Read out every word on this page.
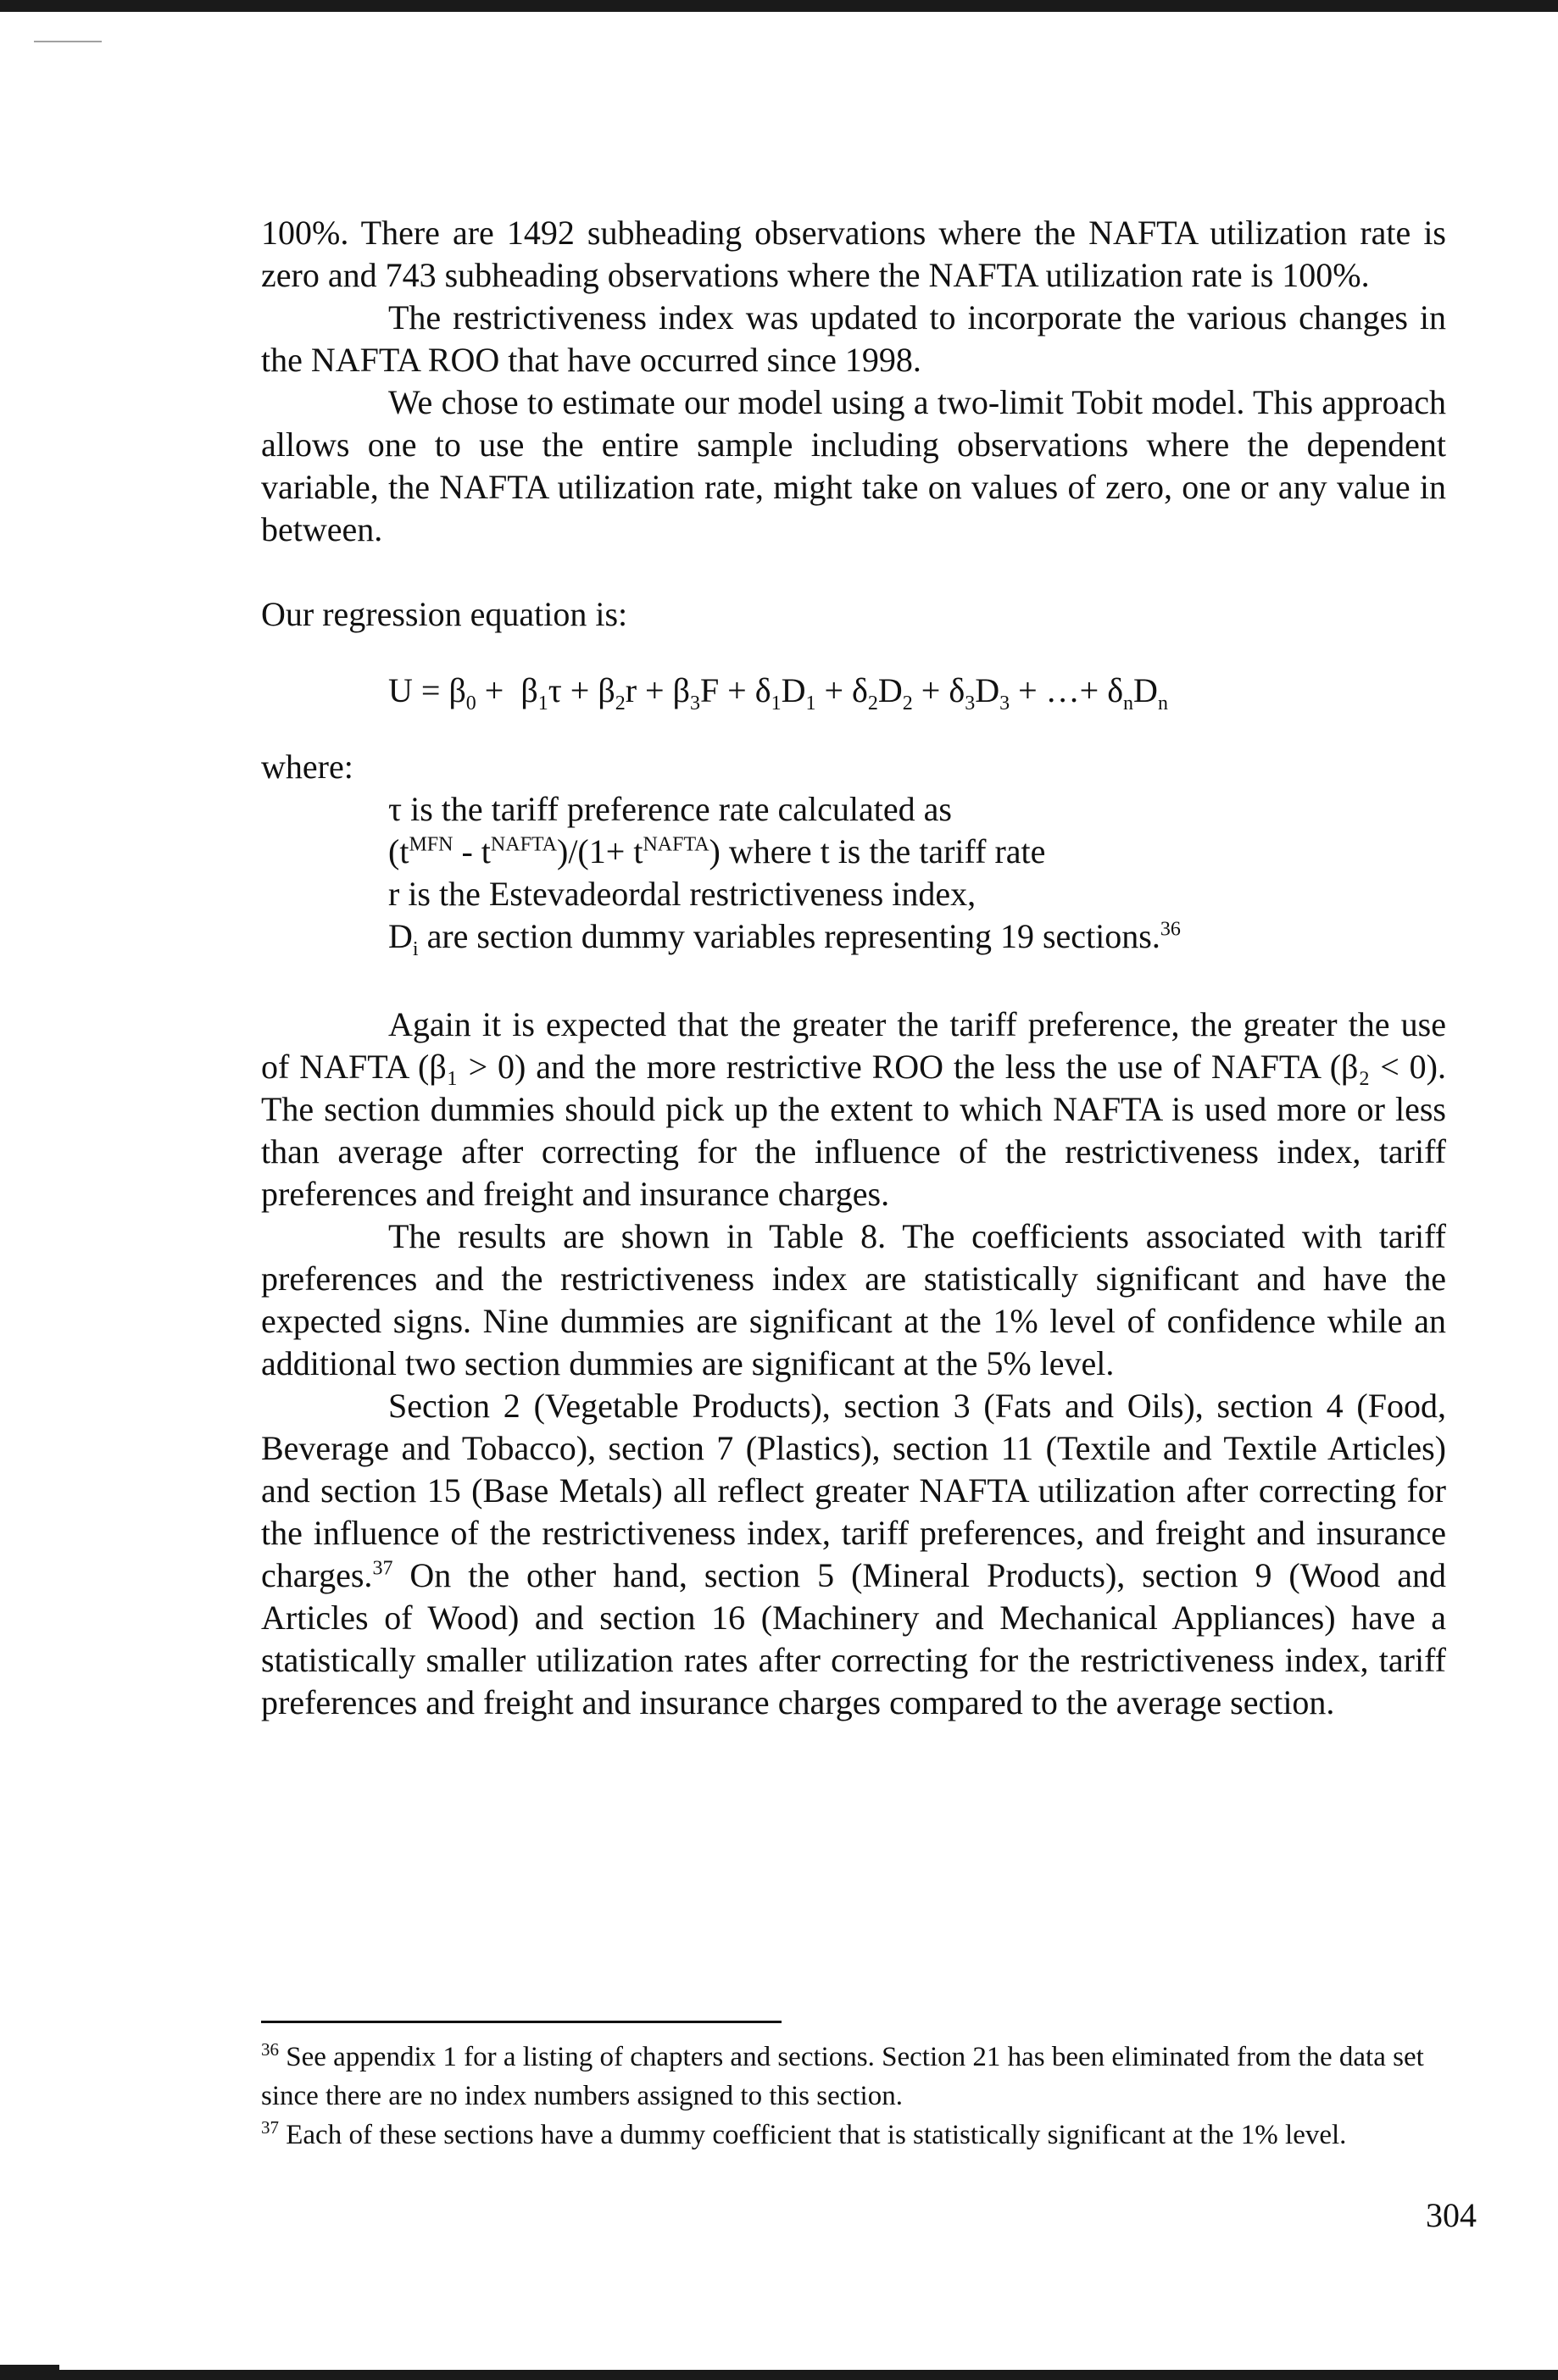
100%. There are 1492 subheading observations where the NAFTA utilization rate is zero and 743 subheading observations where the NAFTA utilization rate is 100%.

The restrictiveness index was updated to incorporate the various changes in the NAFTA ROO that have occurred since 1998.

We chose to estimate our model using a two-limit Tobit model. This approach allows one to use the entire sample including observations where the dependent variable, the NAFTA utilization rate, might take on values of zero, one or any value in between.

Our regression equation is:

$U = \beta_0 + \beta_1\tau + \beta_2r + \beta_3F + \delta_1D_1 + \delta_2D_2 + \delta_3D_3$ + …+ $\delta_nD_n$

where:

τ is the tariff preference rate calculated as
$(t^{MFN} - t^{NAFTA})/(1+ t^{NAFTA})$ where t is the tariff rate
r is the Estevadeordal restrictiveness index,
$D_i$ are section dummy variables representing 19 sections.$^{36}$

Again it is expected that the greater the tariff preference, the greater the use of NAFTA (β₁ > 0) and the more restrictive ROO the less the use of NAFTA (β₂ < 0). The section dummies should pick up the extent to which NAFTA is used more or less than average after correcting for the influence of the restrictiveness index, tariff preferences and freight and insurance charges.

The results are shown in Table 8. The coefficients associated with tariff preferences and the restrictiveness index are statistically significant and have the expected signs. Nine dummies are significant at the 1% level of confidence while an additional two section dummies are significant at the 5% level.

Section 2 (Vegetable Products), section 3 (Fats and Oils), section 4 (Food, Beverage and Tobacco), section 7 (Plastics), section 11 (Textile and Textile Articles) and section 15 (Base Metals) all reflect greater NAFTA utilization after correcting for the influence of the restrictiveness index, tariff preferences, and freight and insurance charges.$^{37}$ On the other hand, section 5 (Mineral Products), section 9 (Wood and Articles of Wood) and section 16 (Machinery and Mechanical Appliances) have a statistically smaller utilization rates after correcting for the restrictiveness index, tariff preferences and freight and insurance charges compared to the average section.

$^{36}$ See appendix 1 for a listing of chapters and sections. Section 21 has been eliminated from the data set since there are no index numbers assigned to this section.
$^{37}$ Each of these sections have a dummy coefficient that is statistically significant at the 1% level.
304
